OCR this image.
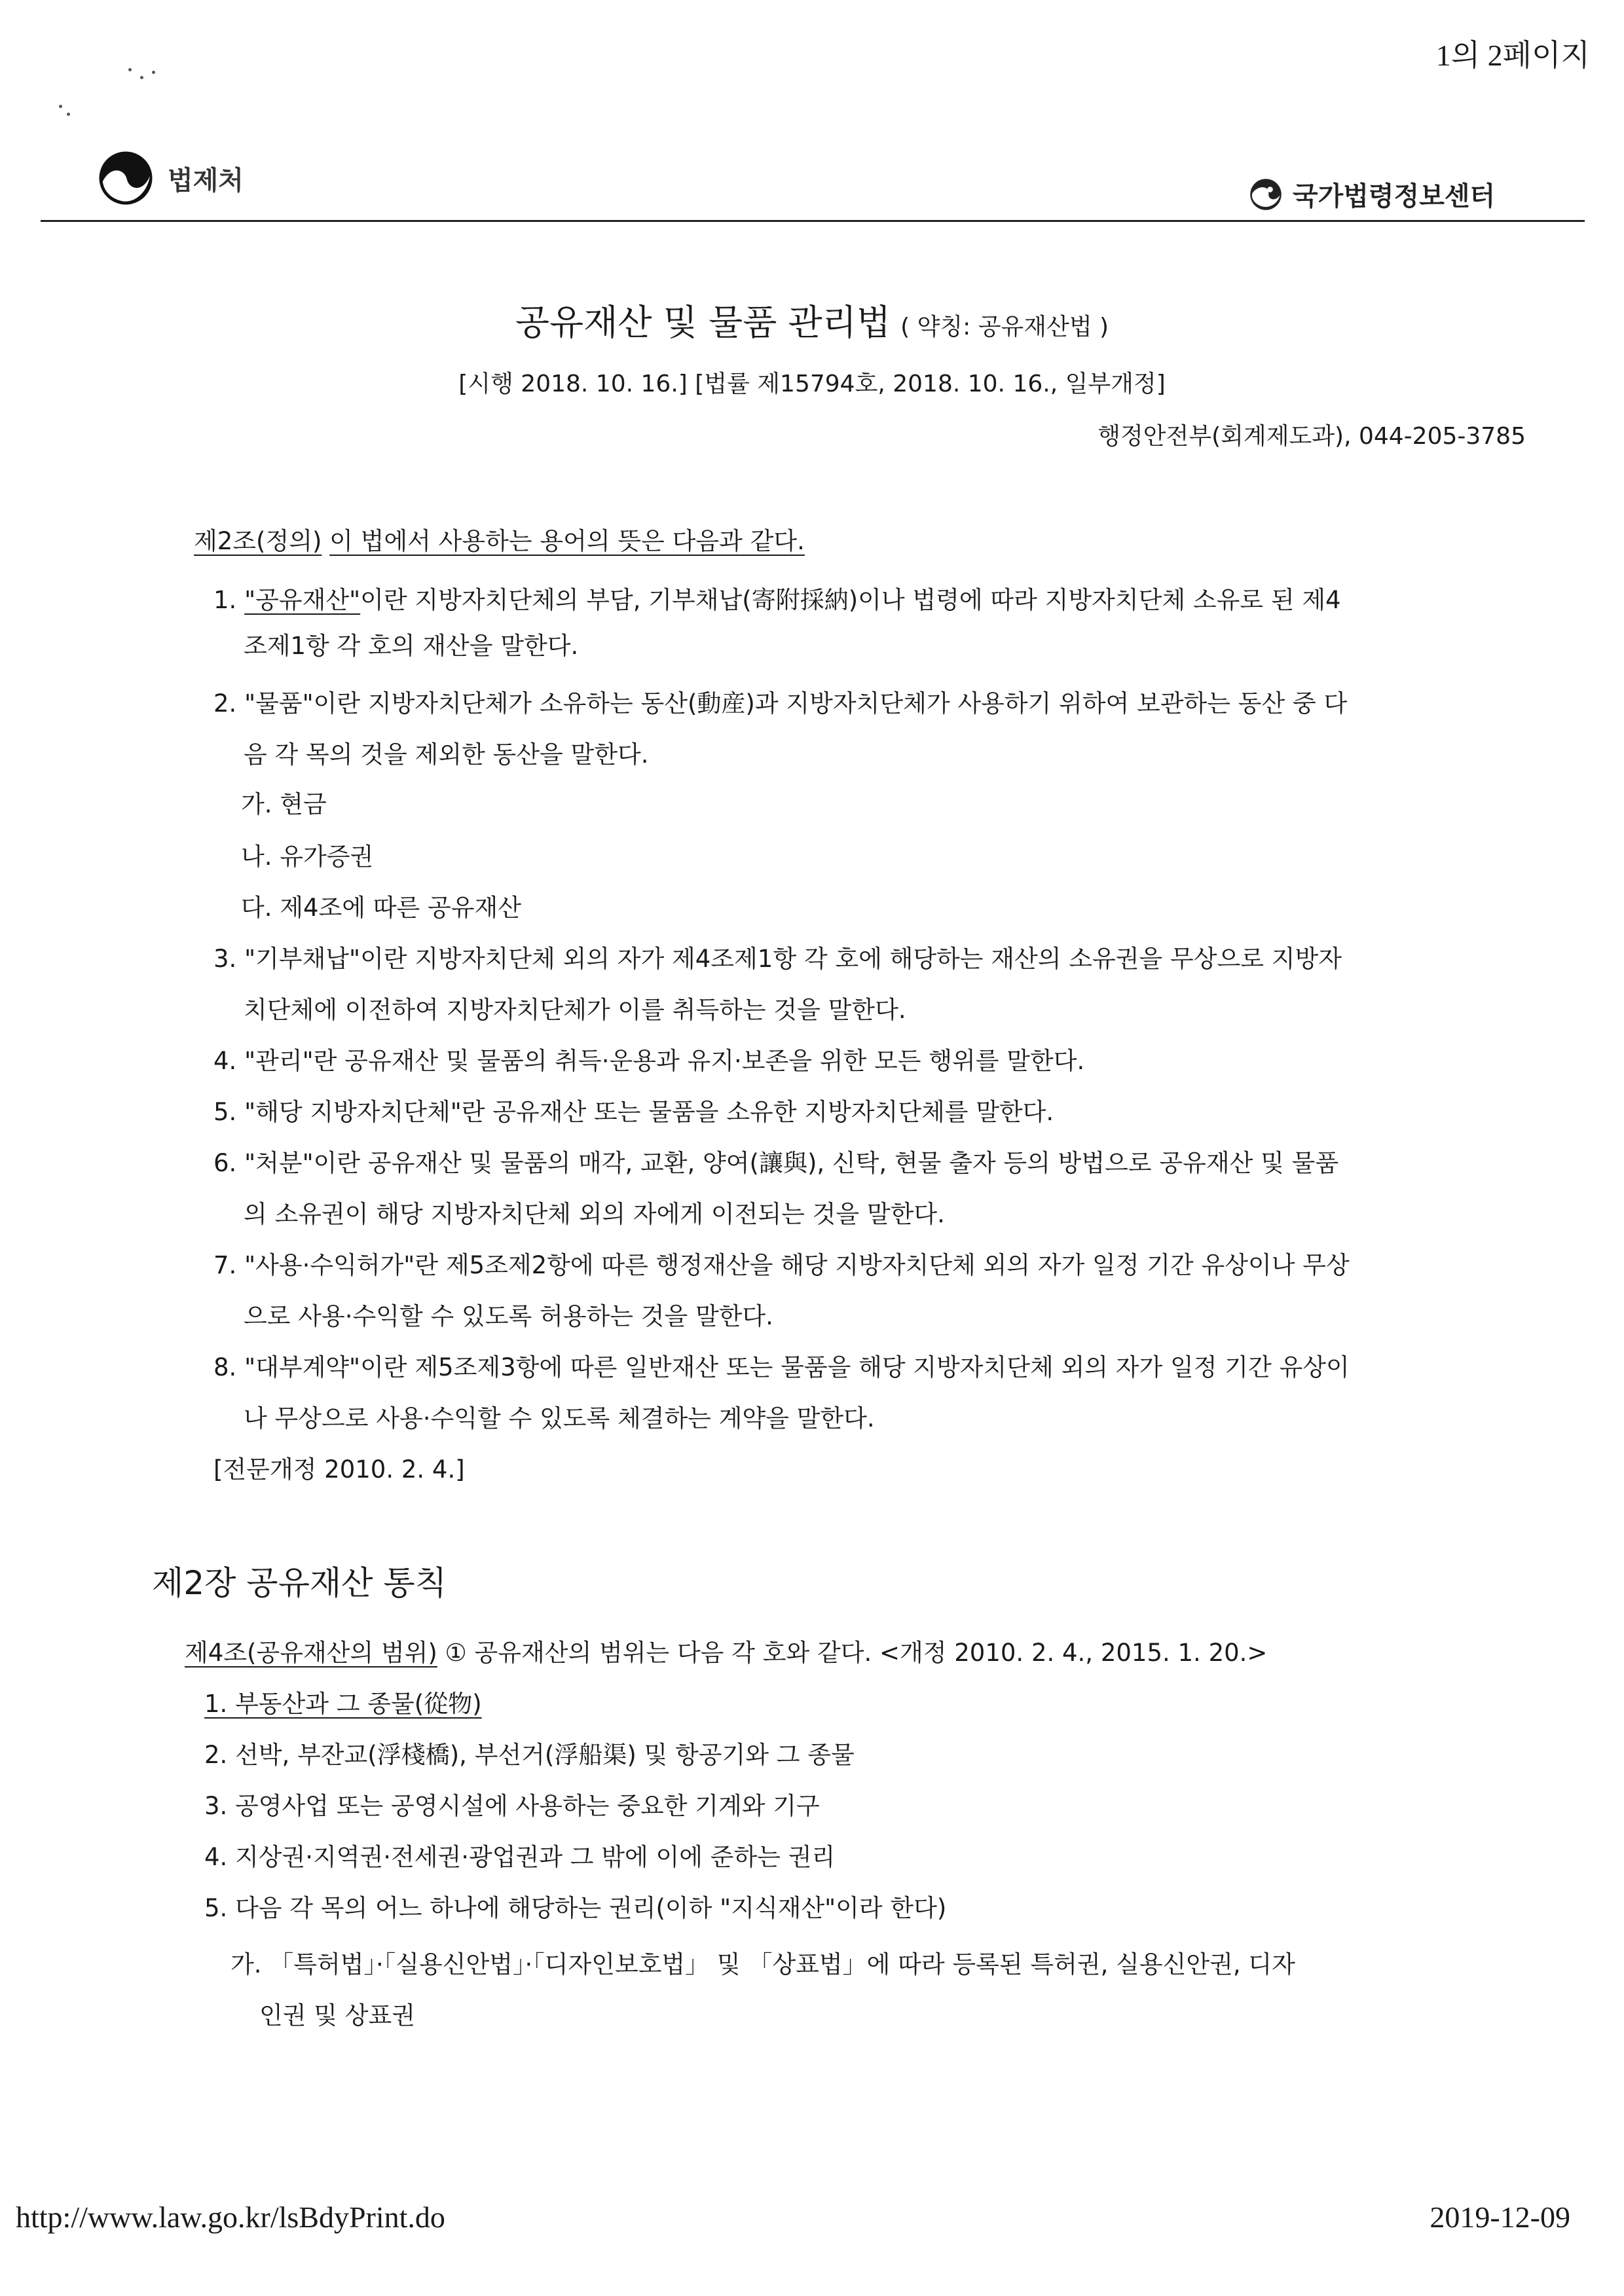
1의 2페이지
법제처
국가법령정보센터
공유재산 및 물품 관리법 ( 약칭: 공유재산법 )
[시행 2018. 10. 16.] [법률 제15794호, 2018. 10. 16., 일부개정]
행정안전부(회계제도과), 044-205-3785
제2조(정의) 이 법에서 사용하는 용어의 뜻은 다음과 같다.
1. "공유재산"이란 지방자치단체의 부담, 기부채납(寄附採納)이나 법령에 따라 지방자치단체 소유로 된 제4
조제1항 각 호의 재산을 말한다.
2. "물품"이란 지방자치단체가 소유하는 동산(動産)과 지방자치단체가 사용하기 위하여 보관하는 동산 중 다
음 각 목의 것을 제외한 동산을 말한다.
가. 현금
나. 유가증권
다. 제4조에 따른 공유재산
3. "기부채납"이란 지방자치단체 외의 자가 제4조제1항 각 호에 해당하는 재산의 소유권을 무상으로 지방자
치단체에 이전하여 지방자치단체가 이를 취득하는 것을 말한다.
4. "관리"란 공유재산 및 물품의 취득·운용과 유지·보존을 위한 모든 행위를 말한다.
5. "해당 지방자치단체"란 공유재산 또는 물품을 소유한 지방자치단체를 말한다.
6. "처분"이란 공유재산 및 물품의 매각, 교환, 양여(讓與), 신탁, 현물 출자 등의 방법으로 공유재산 및 물품
의 소유권이 해당 지방자치단체 외의 자에게 이전되는 것을 말한다.
7. "사용·수익허가"란 제5조제2항에 따른 행정재산을 해당 지방자치단체 외의 자가 일정 기간 유상이나 무상
으로 사용·수익할 수 있도록 허용하는 것을 말한다.
8. "대부계약"이란 제5조제3항에 따른 일반재산 또는 물품을 해당 지방자치단체 외의 자가 일정 기간 유상이
나 무상으로 사용·수익할 수 있도록 체결하는 계약을 말한다.
[전문개정 2010. 2. 4.]
제2장 공유재산 통칙
제4조(공유재산의 범위) ① 공유재산의 범위는 다음 각 호와 같다. <개정 2010. 2. 4., 2015. 1. 20.>
1. 부동산과 그 종물(從物)
2. 선박, 부잔교(浮棧橋), 부선거(浮船渠) 및 항공기와 그 종물
3. 공영사업 또는 공영시설에 사용하는 중요한 기계와 기구
4. 지상권·지역권·전세권·광업권과 그 밖에 이에 준하는 권리
5. 다음 각 목의 어느 하나에 해당하는 권리(이하 "지식재산"이라 한다)
가. 「특허법」·「실용신안법」·「디자인보호법」 및 「상표법」에 따라 등록된 특허권, 실용신안권, 디자
인권 및 상표권
http://www.law.go.kr/lsBdyPrint.do	2019-12-09
